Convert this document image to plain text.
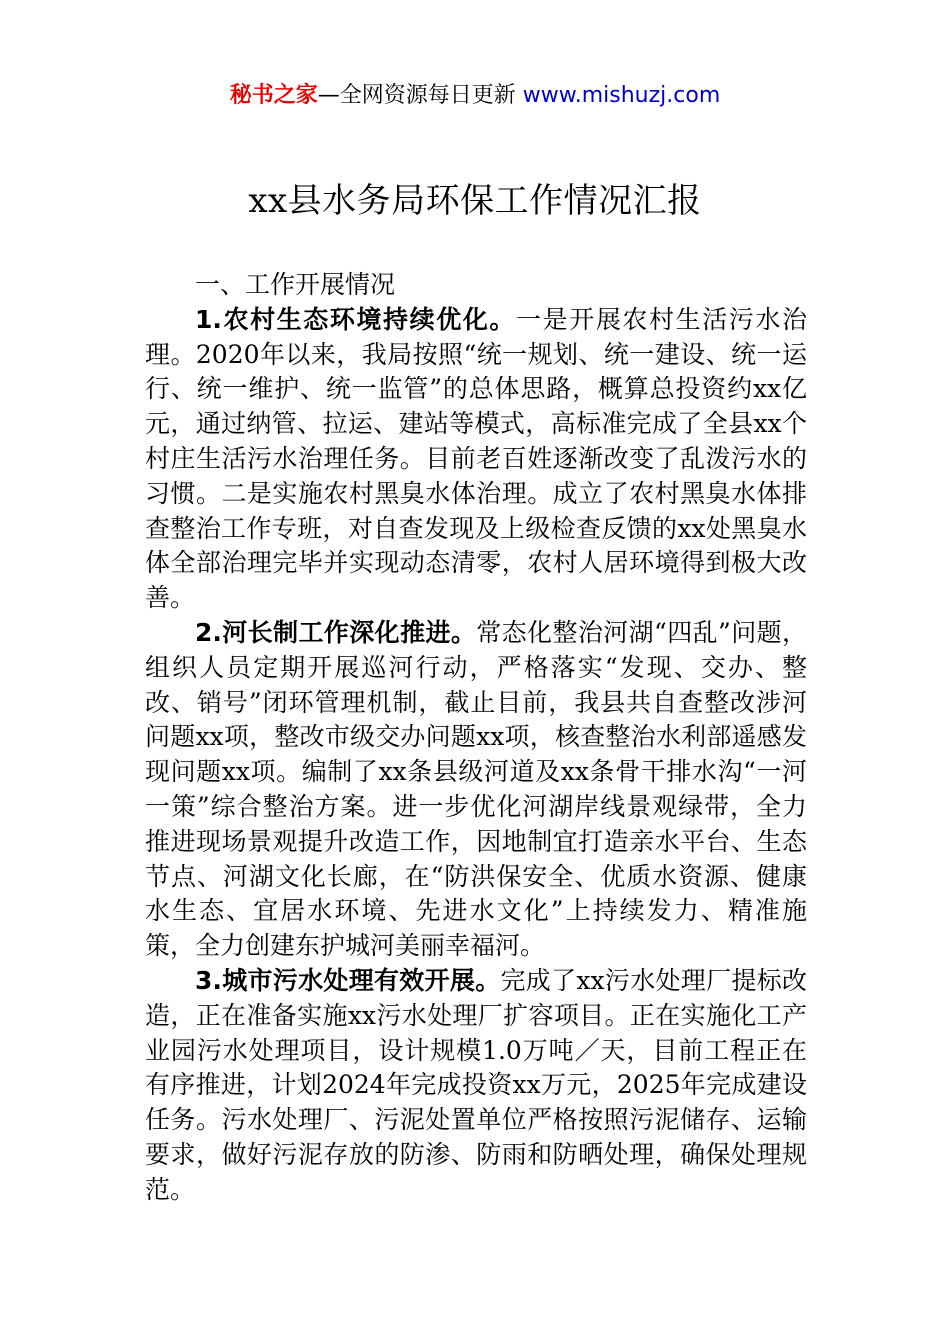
秘书之家—全网资源每日更新 www.mishuzj.com
xx县水务局环保工作情况汇报

一、工作开展情况

1.农村生态环境持续优化。一是开展农村生活污水治理。2020年以来，我局按照“统一规划、统一建设、统一运行、统一维护、统一监管”的总体思路，概算总投资约xx亿元，通过纳管、拉运、建站等模式，高标准完成了全县xx个村庄生活污水治理任务。目前老百姓逐渐改变了乱泼污水的习惯。二是实施农村黑臭水体治理。成立了农村黑臭水体排查整治工作专班，对自查发现及上级检查反馈的xx处黑臭水体全部治理完毕并实现动态清零，农村人居环境得到极大改善。

2.河长制工作深化推进。常态化整治河湖“四乱”问题，组织人员定期开展巡河行动，严格落实“发现、交办、整改、销号”闭环管理机制，截止目前，我县共自查整改涉河问题xx项，整改市级交办问题xx项，核查整治水利部遥感发现问题xx项。编制了xx条县级河道及xx条骨干排水沟“一河一策”综合整治方案。进一步优化河湖岸线景观绿带，全力推进现场景观提升改造工作，因地制宜打造亲水平台、生态节点、河湖文化长廊，在“防洪保安全、优质水资源、健康水生态、宜居水环境、先进水文化”上持续发力、精准施策，全力创建东护城河美丽幸福河。

3.城市污水处理有效开展。完成了xx污水处理厂提标改造，正在准备实施xx污水处理厂扩容项目。正在实施化工产业园污水处理项目，设计规模1.0万吨／天，目前工程正在有序推进，计划2024年完成投资xx万元，2025年完成建设任务。污水处理厂、污泥处置单位严格按照污泥储存、运输要求，做好污泥存放的防渗、防雨和防晒处理，确保处理规范。
